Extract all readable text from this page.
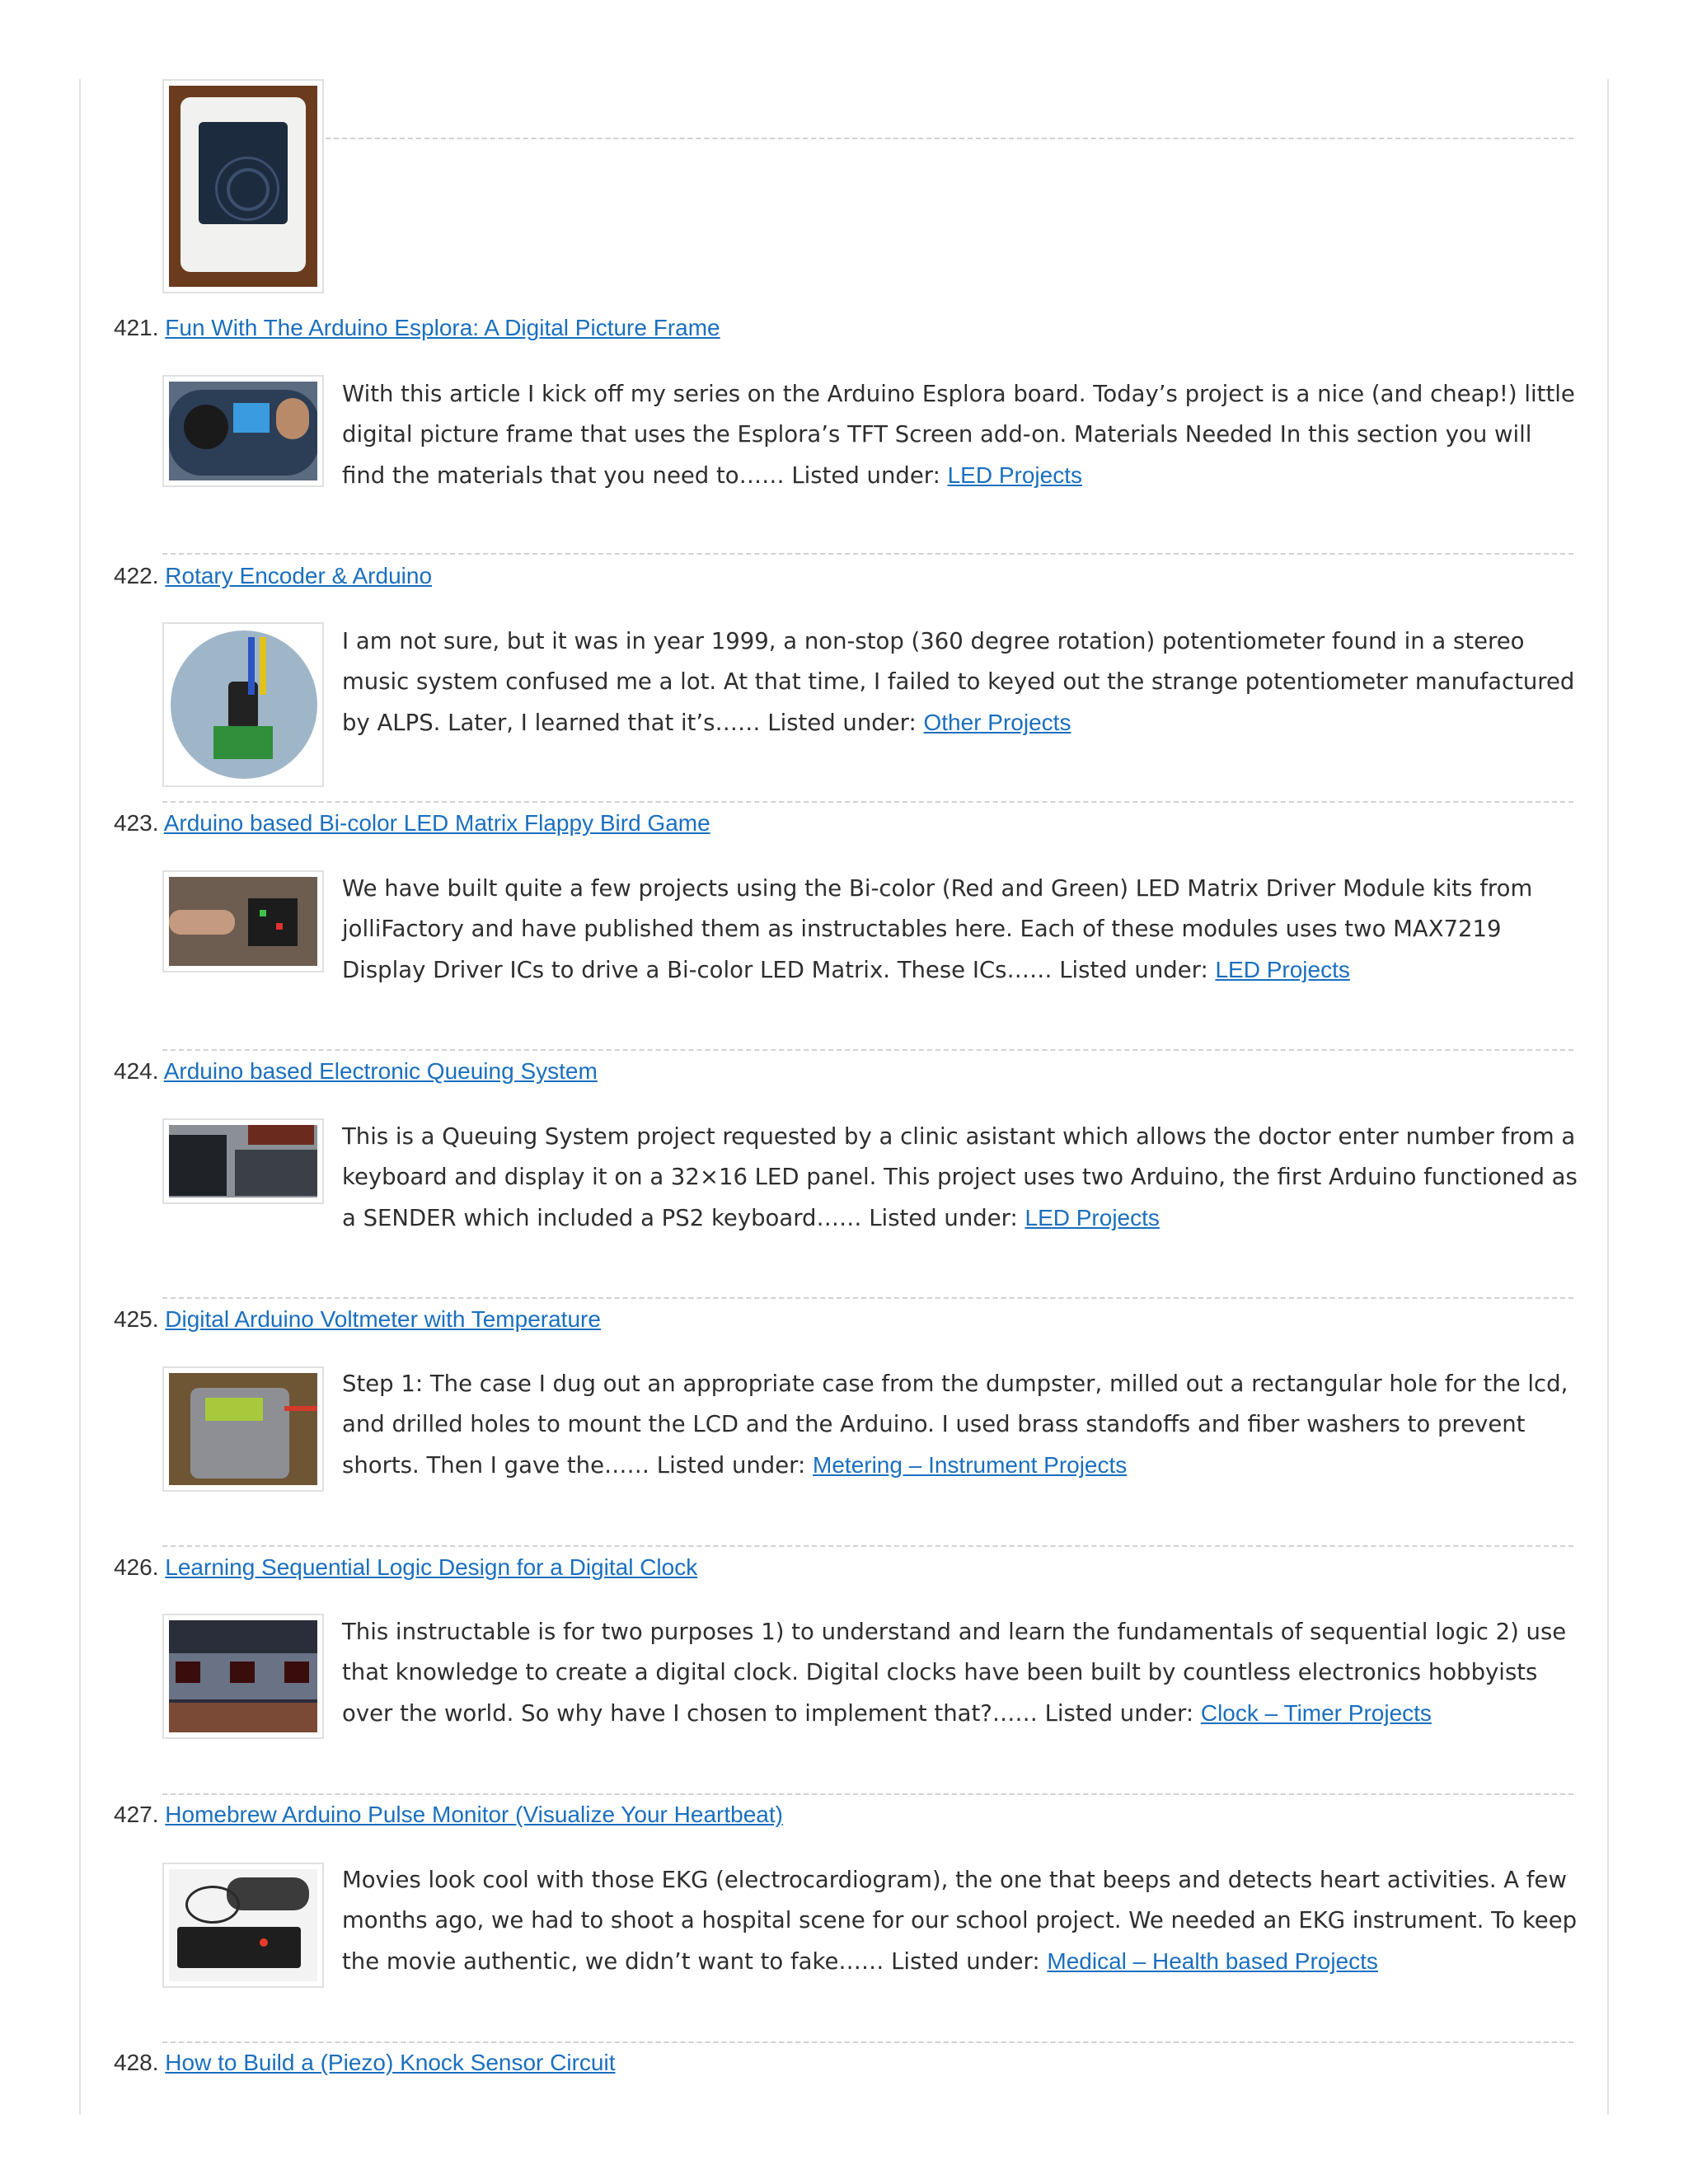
421. Fun With The Arduino Esplora: A Digital Picture Frame
With this article I kick off my series on the Arduino Esplora board. Today’s project is a nice (and cheap!) little digital picture frame that uses the Esplora’s TFT Screen add-on. Materials Needed In this section you will find the materials that you need to…… Listed under: LED Projects
422. Rotary Encoder & Arduino
I am not sure, but it was in year 1999, a non-stop (360 degree rotation) potentiometer found in a stereo music system confused me a lot. At that time, I failed to keyed out the strange potentiometer manufactured by ALPS. Later, I learned that it’s…… Listed under: Other Projects
423. Arduino based Bi-color LED Matrix Flappy Bird Game
We have built quite a few projects using the Bi-color (Red and Green) LED Matrix Driver Module kits from jolliFactory and have published them as instructables here. Each of these modules uses two MAX7219 Display Driver ICs to drive a Bi-color LED Matrix. These ICs…… Listed under: LED Projects
424. Arduino based Electronic Queuing System
This is a Queuing System project requested by a clinic asistant which allows the doctor enter number from a keyboard and display it on a 32×16 LED panel. This project uses two Arduino, the first Arduino functioned as a SENDER which included a PS2 keyboard…… Listed under: LED Projects
425. Digital Arduino Voltmeter with Temperature
Step 1: The case I dug out an appropriate case from the dumpster, milled out a rectangular hole for the lcd, and drilled holes to mount the LCD and the Arduino. I used brass standoffs and fiber washers to prevent shorts. Then I gave the…… Listed under: Metering – Instrument Projects
426. Learning Sequential Logic Design for a Digital Clock
This instructable is for two purposes 1) to understand and learn the fundamentals of sequential logic 2) use that knowledge to create a digital clock. Digital clocks have been built by countless electronics hobbyists over the world. So why have I chosen to implement that?…… Listed under: Clock – Timer Projects
427. Homebrew Arduino Pulse Monitor (Visualize Your Heartbeat)
Movies look cool with those EKG (electrocardiogram), the one that beeps and detects heart activities. A few months ago, we had to shoot a hospital scene for our school project. We needed an EKG instrument. To keep the movie authentic, we didn’t want to fake…… Listed under: Medical – Health based Projects
428. How to Build a (Piezo) Knock Sensor Circuit
